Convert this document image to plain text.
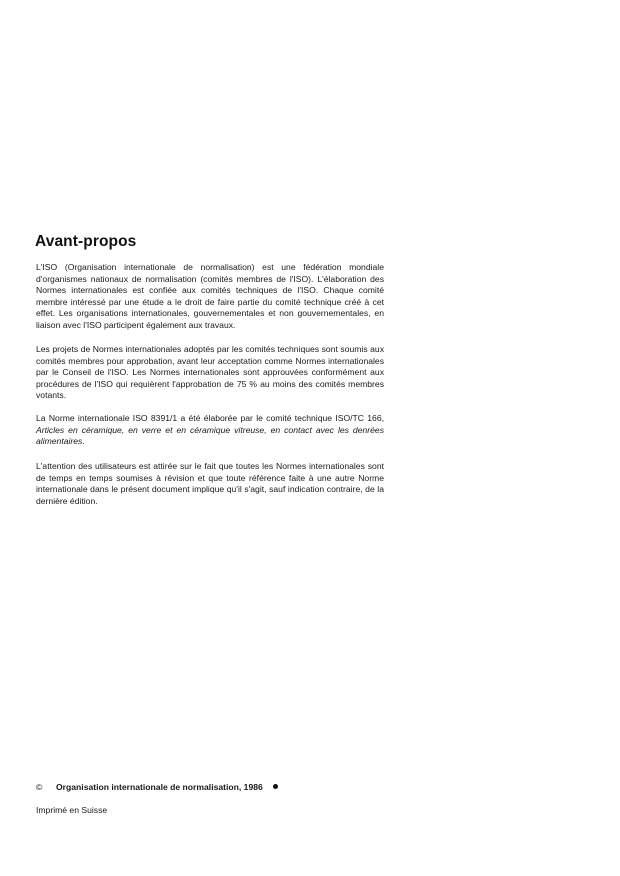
Avant-propos

L'ISO (Organisation internationale de normalisation) est une fédération mondiale d'organismes nationaux de normalisation (comités membres de l'ISO). L'élaboration des Normes internationales est confiée aux comités techniques de l'ISO. Chaque comité membre intéressé par une étude a le droit de faire partie du comité technique créé à cet effet. Les organisations internationales, gouvernementales et non gouvernementales, en liaison avec l'ISO participent également aux travaux.

Les projets de Normes internationales adoptés par les comités techniques sont soumis aux comités membres pour approbation, avant leur acceptation comme Normes internationales par le Conseil de l'ISO. Les Normes internationales sont approuvées conformément aux procédures de l'ISO qui requièrent l'approbation de 75 % au moins des comités membres votants.

La Norme internationale ISO 8391/1 a été élaborée par le comité technique ISO/TC 166, Articles en céramique, en verre et en céramique vitreuse, en contact avec les denrées alimentaires.

L'attention des utilisateurs est attirée sur le fait que toutes les Normes internationales sont de temps en temps soumises à révision et que toute référence faite à une autre Norme internationale dans le présent document implique qu'il s'agit, sauf indication contraire, de la dernière édition.

© Organisation internationale de normalisation, 1986
Imprimé en Suisse
